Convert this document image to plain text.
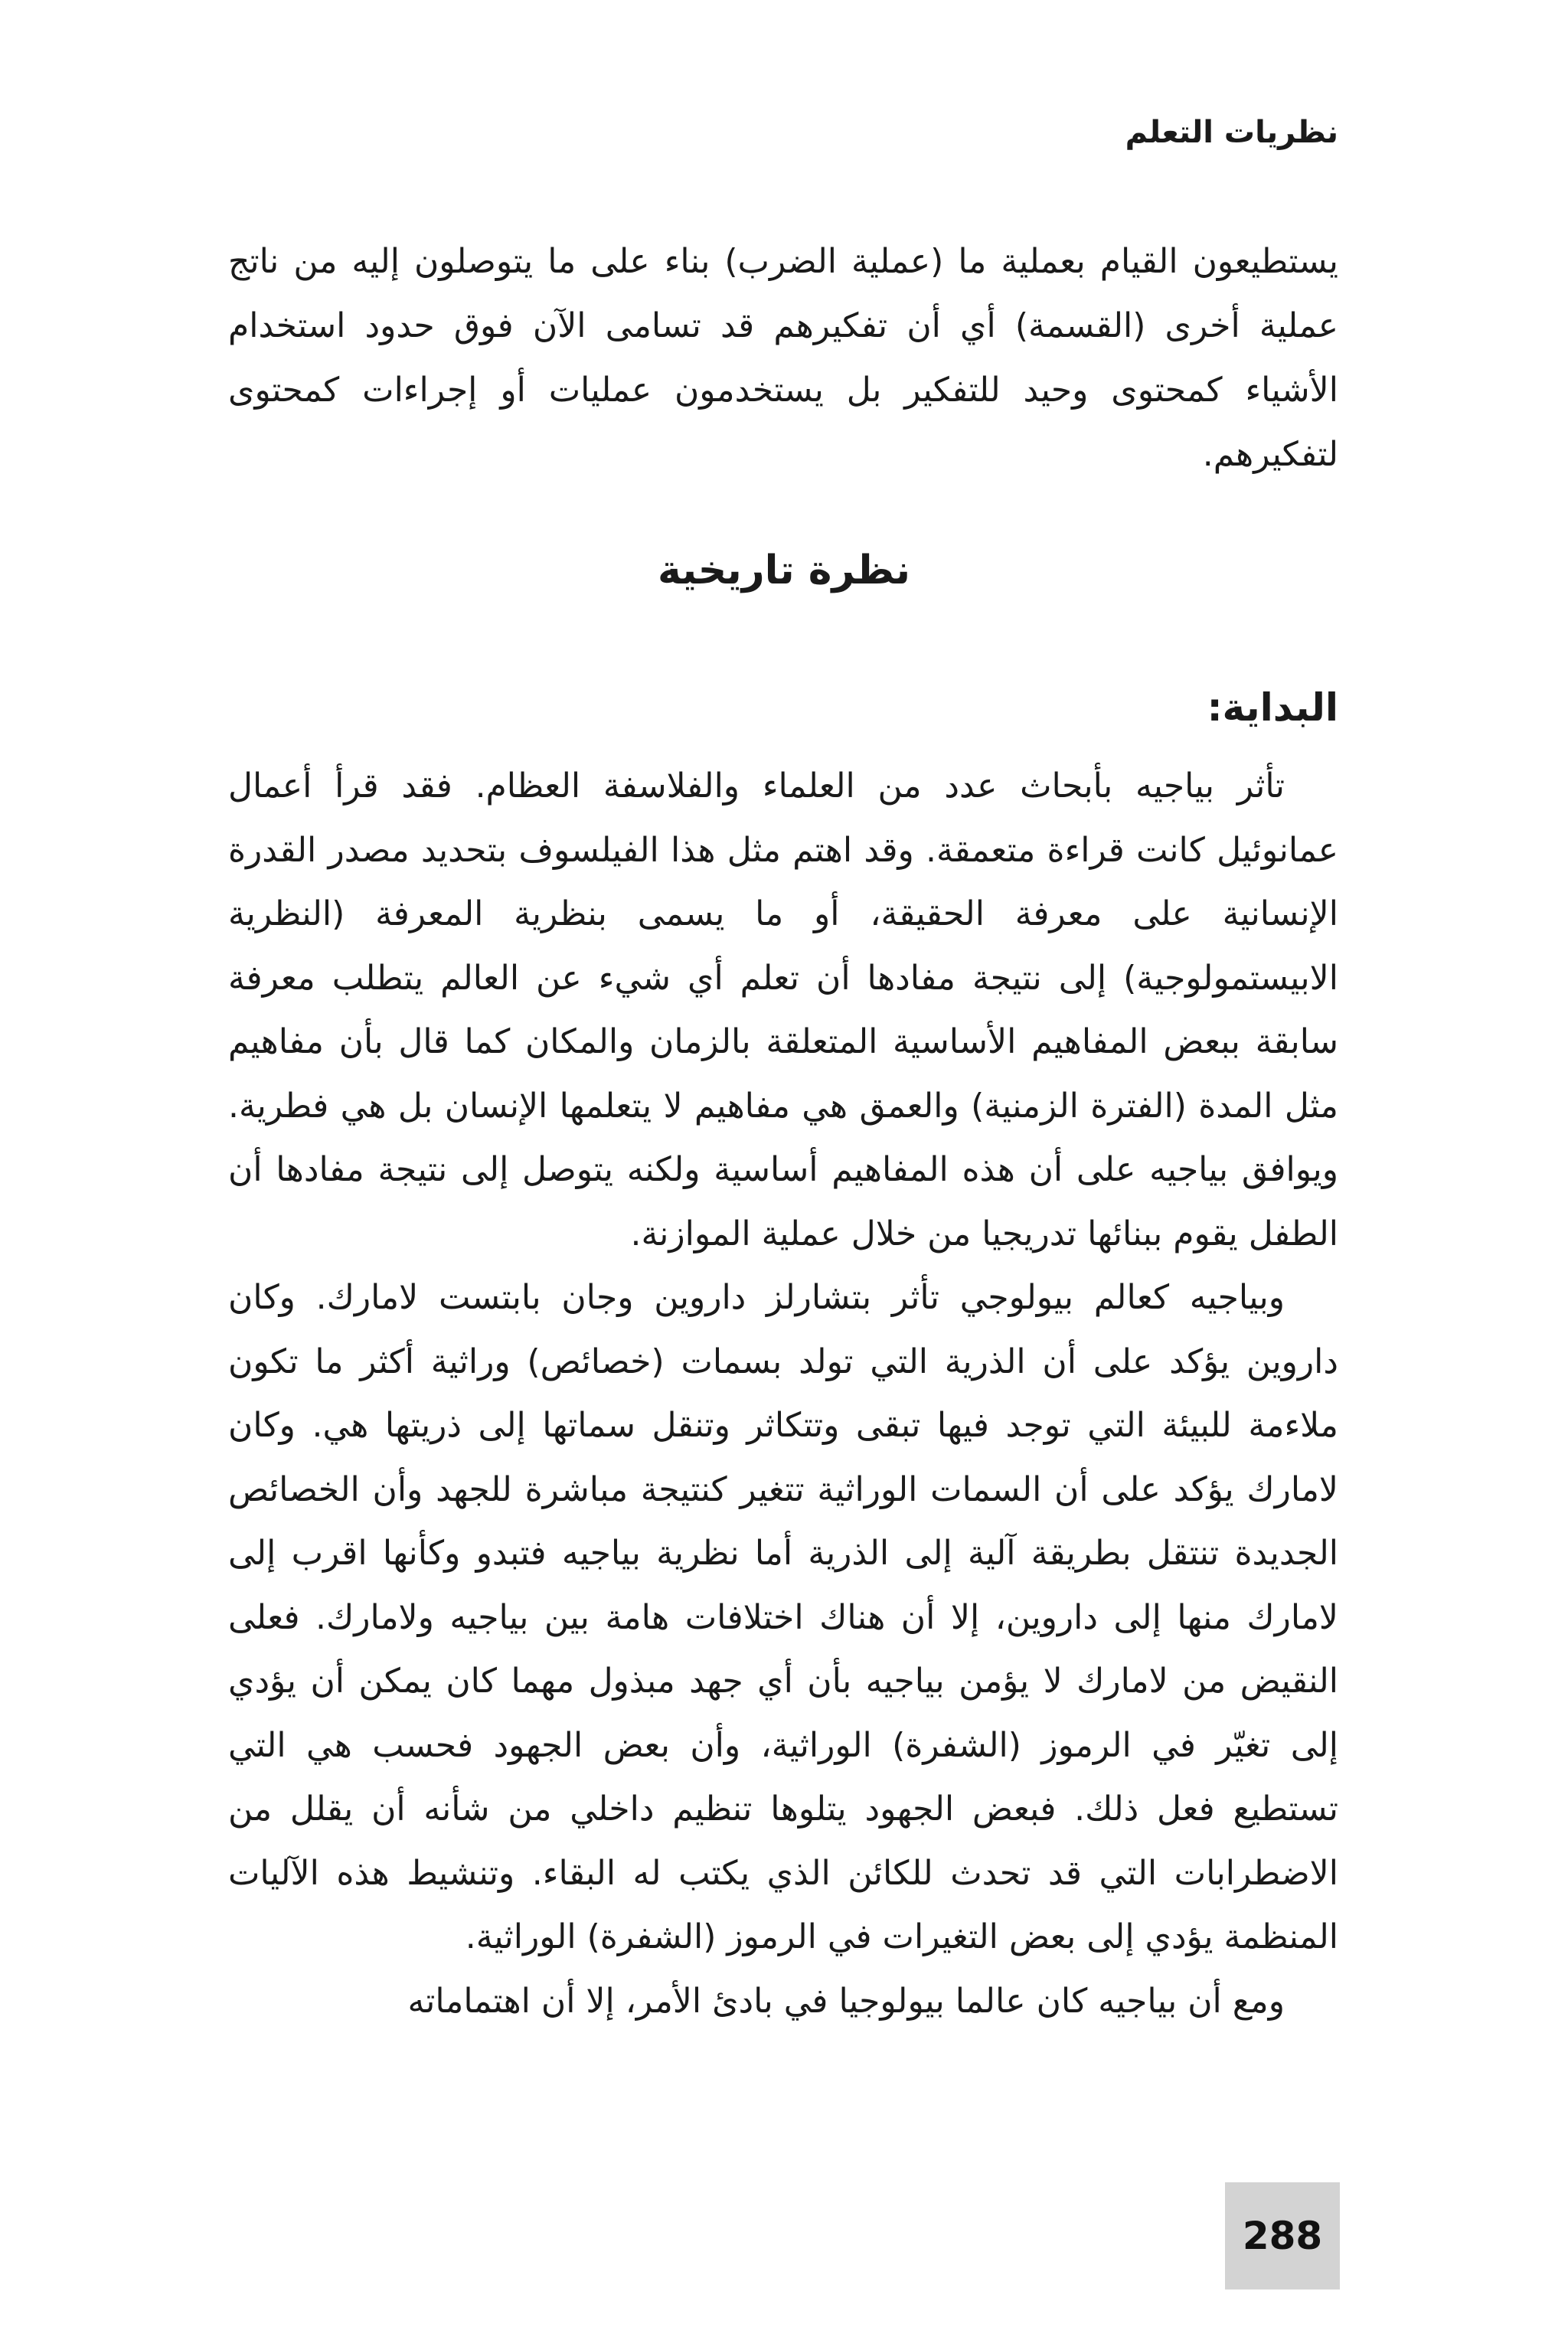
نظريات التعلم

يستطيعون القيام بعملية ما (عملية الضرب) بناء على ما يتوصلون إليه من ناتج عملية أخرى (القسمة) أي أن تفكيرهم قد تسامى الآن فوق حدود استخدام الأشياء كمحتوى وحيد للتفكير بل يستخدمون عمليات أو إجراءات كمحتوى لتفكيرهم.

نظرة تاريخية
البداية:

تأثر بياجيه بأبحاث عدد من العلماء والفلاسفة العظام. فقد قرأ أعمال عمانوئيل كانت قراءة متعمقة. وقد اهتم مثل هذا الفيلسوف بتحديد مصدر القدرة الإنسانية على معرفة الحقيقة، أو ما يسمى بنظرية المعرفة (النظرية الابيستمولوجية) إلى نتيجة مفادها أن تعلم أي شيء عن العالم يتطلب معرفة سابقة ببعض المفاهيم الأساسية المتعلقة بالزمان والمكان كما قال بأن مفاهيم مثل المدة (الفترة الزمنية) والعمق هي مفاهيم لا يتعلمها الإنسان بل هي فطرية. ويوافق بياجيه على أن هذه المفاهيم أساسية ولكنه يتوصل إلى نتيجة مفادها أن الطفل يقوم ببنائها تدريجيا من خلال عملية الموازنة.

وبياجيه كعالم بيولوجي تأثر بتشارلز داروين وجان بابتست لامارك. وكان داروين يؤكد على أن الذرية التي تولد بسمات (خصائص) وراثية أكثر ما تكون ملاءمة للبيئة التي توجد فيها تبقى وتتكاثر وتنقل سماتها إلى ذريتها هي. وكان لامارك يؤكد على أن السمات الوراثية تتغير كنتيجة مباشرة للجهد وأن الخصائص الجديدة تنتقل بطريقة آلية إلى الذرية أما نظرية بياجيه فتبدو وكأنها اقرب إلى لامارك منها إلى داروين، إلا أن هناك اختلافات هامة بين بياجيه ولامارك. فعلى النقيض من لامارك لا يؤمن بياجيه بأن أي جهد مبذول مهما كان يمكن أن يؤدي إلى تغيّر في الرموز (الشفرة) الوراثية، وأن بعض الجهود فحسب هي التي تستطيع فعل ذلك. فبعض الجهود يتلوها تنظيم داخلي من شأنه أن يقلل من الاضطرابات التي قد تحدث للكائن الذي يكتب له البقاء. وتنشيط هذه الآليات المنظمة يؤدي إلى بعض التغيرات في الرموز (الشفرة) الوراثية.

ومع أن بياجيه كان عالما بيولوجيا في بادئ الأمر، إلا أن اهتماماته

288
